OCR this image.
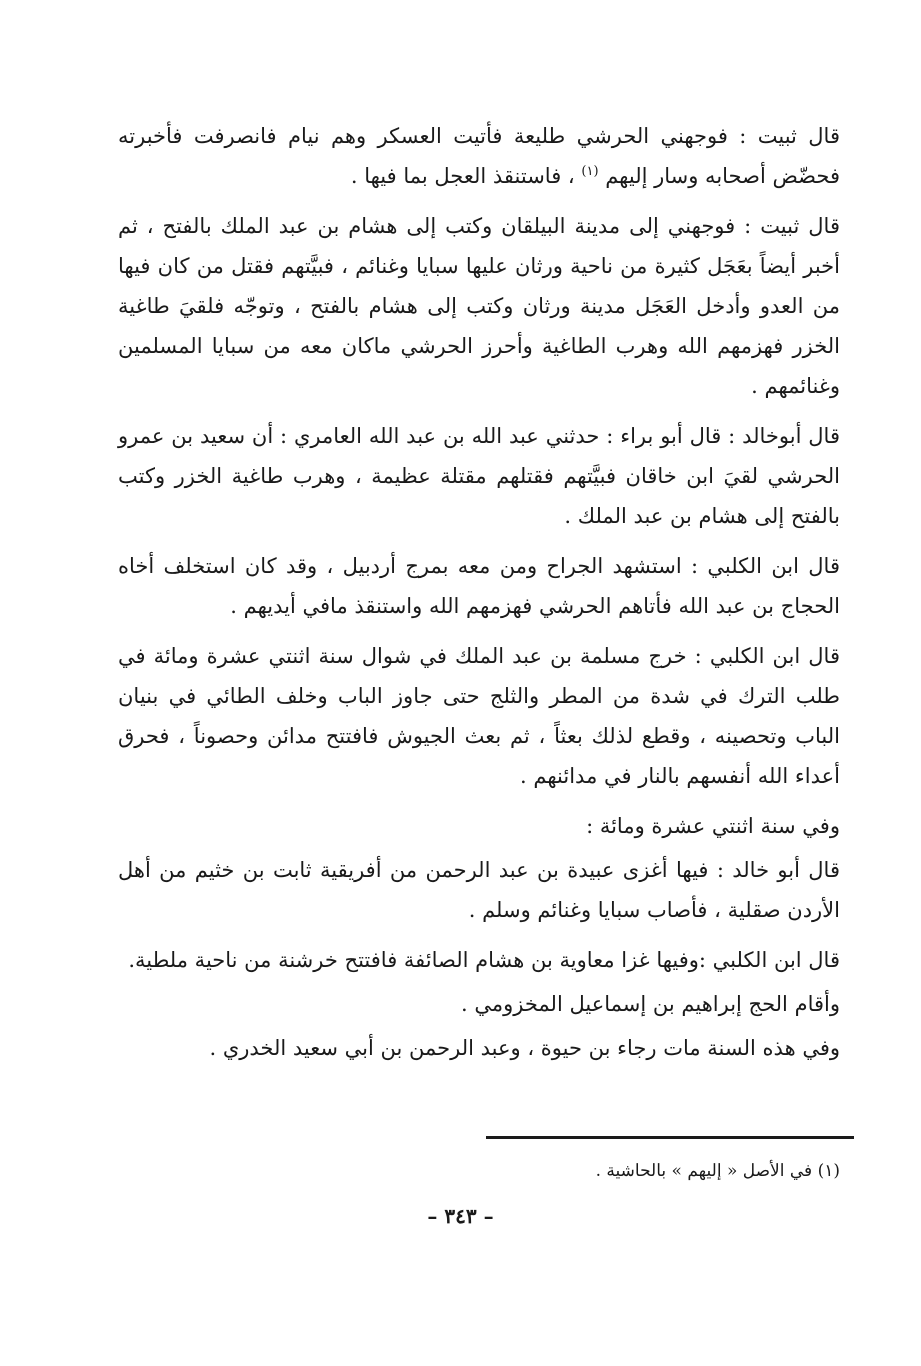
قال ثبيت : فوجهني الحرشي طليعة فأتيت العسكر وهم نيام فانصرفت فأخبرته فحضّض أصحابه وسار إليهم $^{(١)}$ ، فاستنقذ العجل بما فيها .

قال ثبيت : فوجهني إلى مدينة البيلقان وكتب إلى هشام بن عبد الملك بالفتح ، ثم أخبر أيضاً بعَجَل كثيرة من ناحية ورثان عليها سبايا وغنائم ، فبيَّتهم فقتل من كان فيها من العدو وأدخل العَجَل مدينة ورثان وكتب إلى هشام بالفتح ، وتوجّه فلقيَ طاغية الخزر فهزمهم الله وهرب الطاغية وأحرز الحرشي ماكان معه من سبايا المسلمين وغنائمهم .

قال أبوخالد : قال أبو براء : حدثني عبد الله بن عبد الله العامري : أن سعيد بن عمرو الحرشي لقيَ ابن خاقان فبيَّتهم فقتلهم مقتلة عظيمة ، وهرب طاغية الخزر وكتب بالفتح إلى هشام بن عبد الملك .

قال ابن الكلبي : استشهد الجراح ومن معه بمرج أردبيل ، وقد كان استخلف أخاه الحجاج بن عبد الله فأتاهم الحرشي فهزمهم الله واستنقذ مافي أيديهم .

قال ابن الكلبي : خرج مسلمة بن عبد الملك في شوال سنة اثنتي عشرة ومائة في طلب الترك في شدة من المطر والثلج حتى جاوز الباب وخلف الطائي في بنيان الباب وتحصينه ، وقطع لذلك بعثاً ، ثم بعث الجيوش فافتتح مدائن وحصوناً ، فحرق أعداء الله أنفسهم بالنار في مدائنهم .

وفي سنة اثنتي عشرة ومائة :

قال أبو خالد : فيها أغزى عبيدة بن عبد الرحمن من أفريقية ثابت بن خثيم من أهل الأردن صقلية ، فأصاب سبايا وغنائم وسلم .

قال ابن الكلبي :وفيها غزا معاوية بن هشام الصائفة فافتتح خرشنة من ناحية ملطية.

وأقام الحج إبراهيم بن إسماعيل المخزومي .

وفي هذه السنة مات رجاء بن حيوة ، وعبد الرحمن بن أبي سعيد الخدري .

(١) في الأصل « إليهم » بالحاشية .
– ٣٤٣ –
